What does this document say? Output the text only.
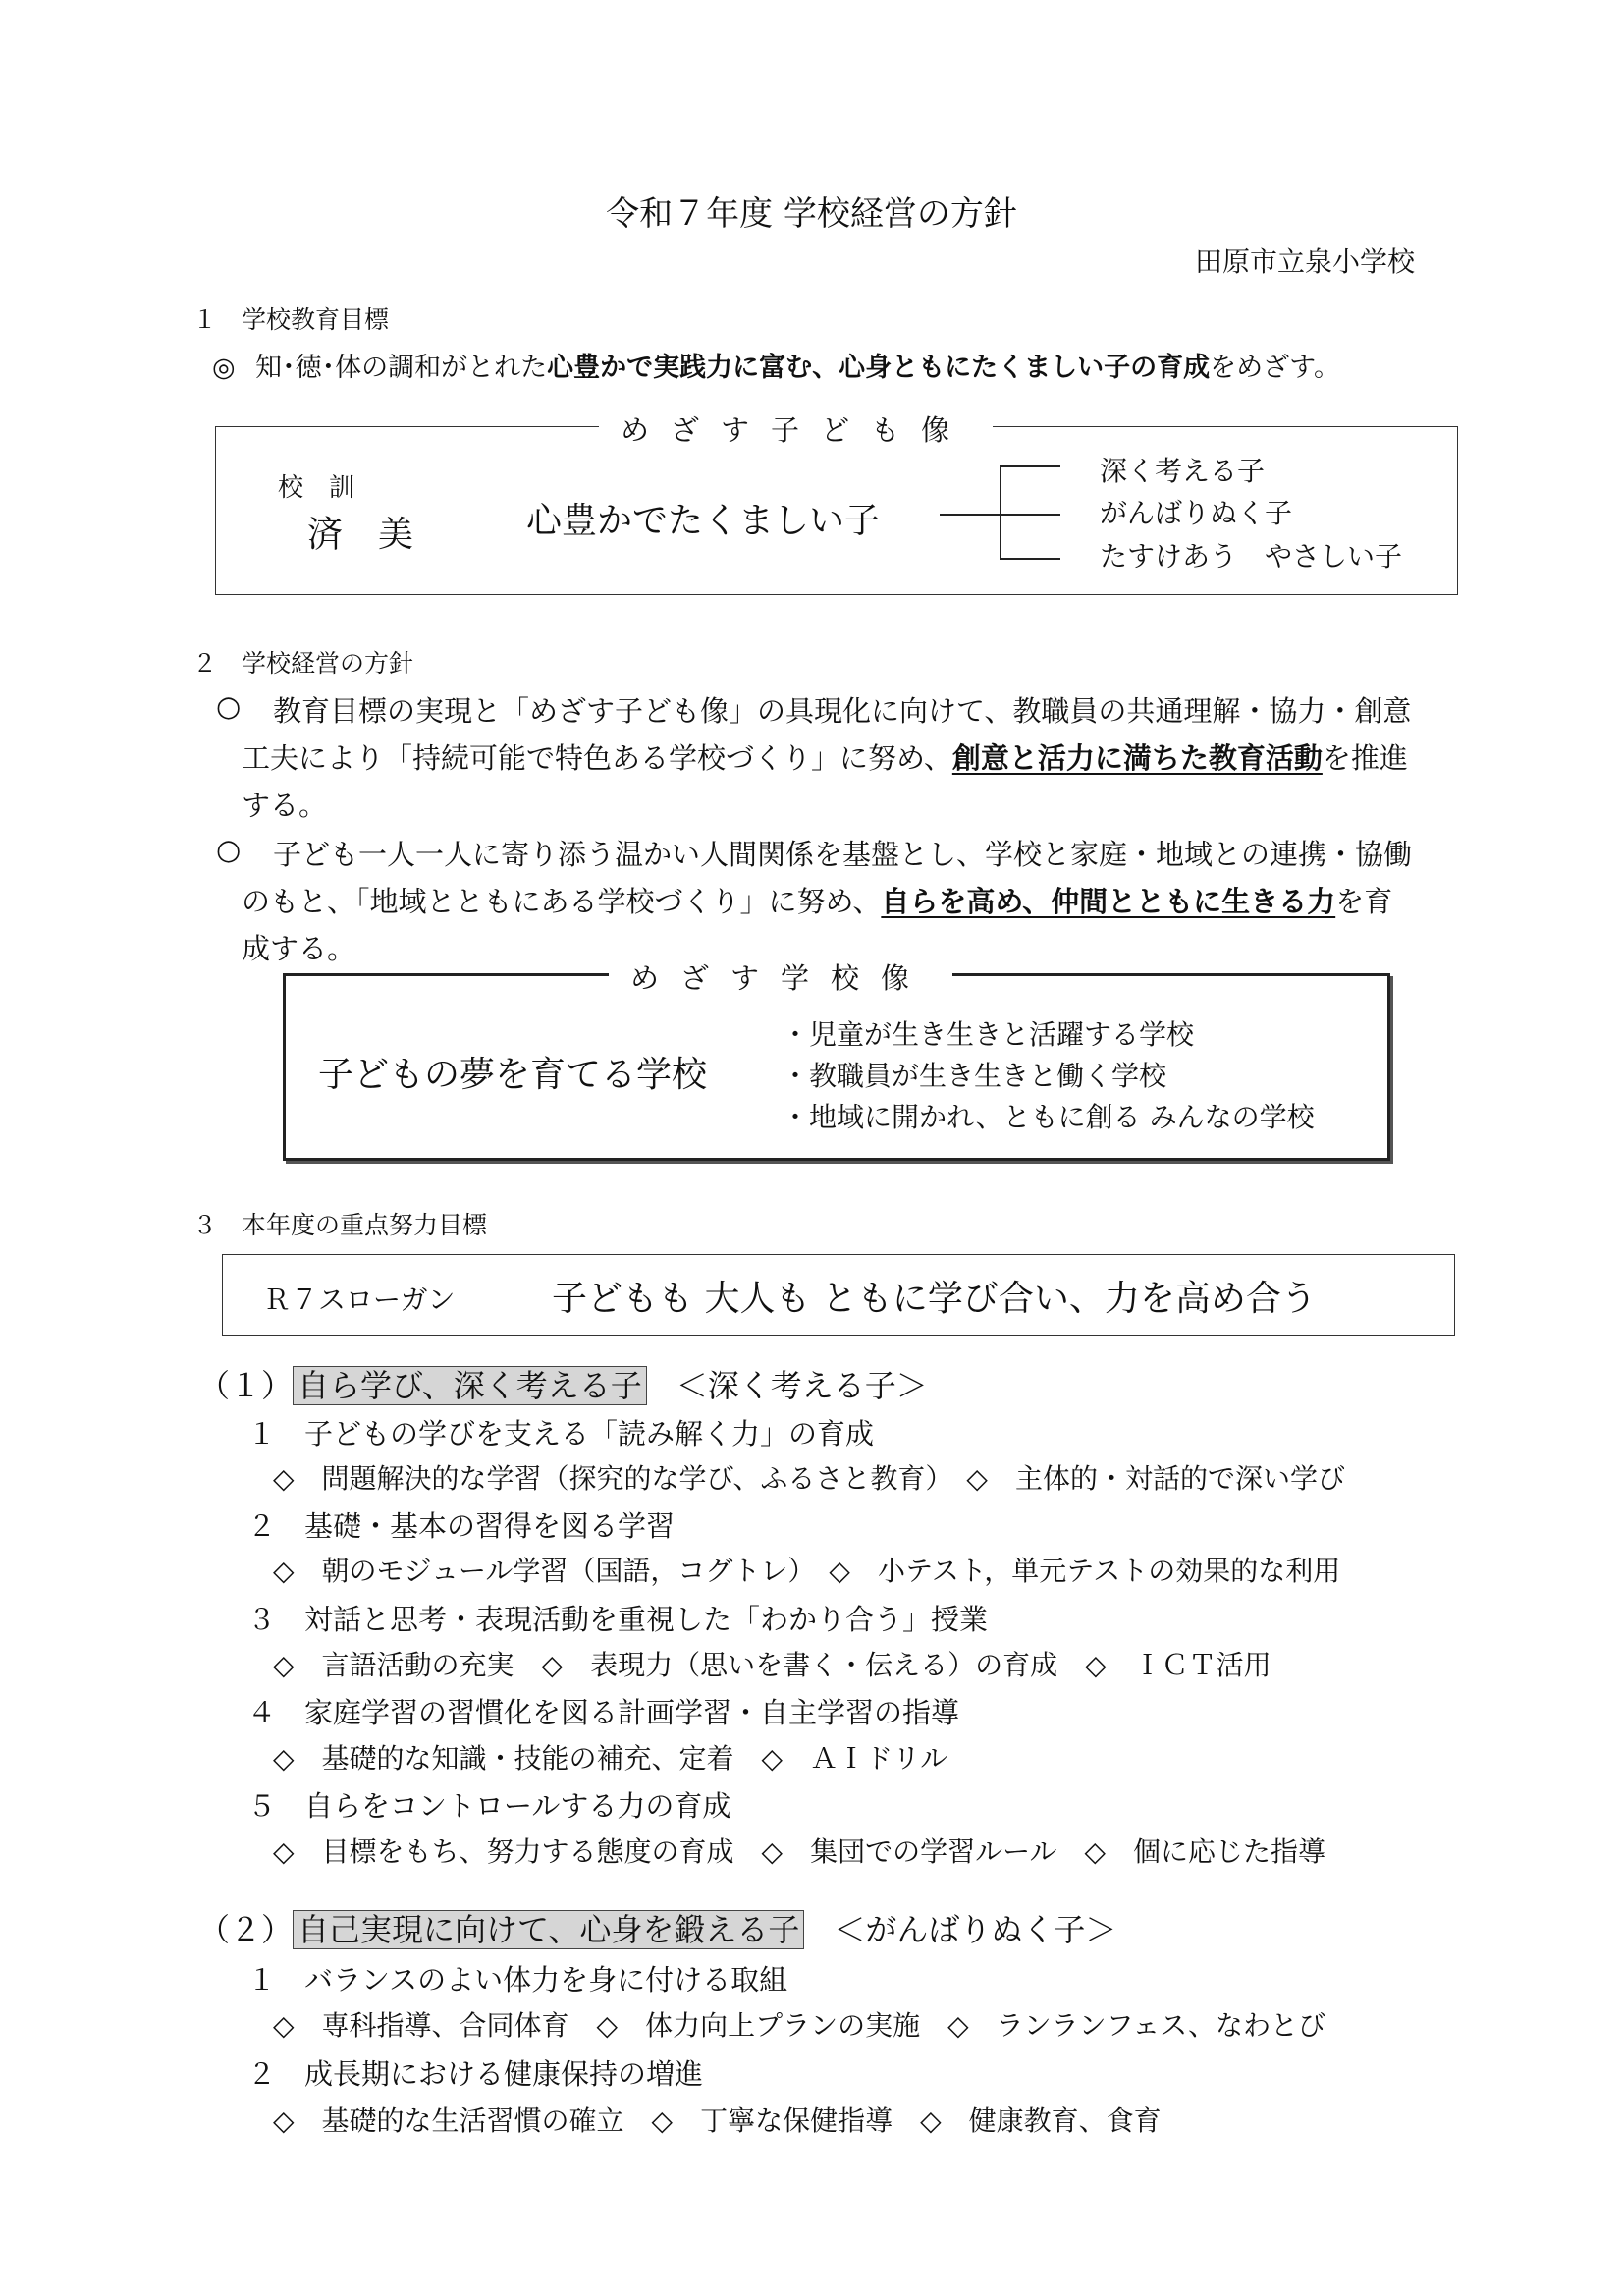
令和７年度 学校経営の方針
田原市立泉小学校
１　学校教育目標
◎ 知･徳･体の調和がとれた心豊かで実践力に富む、心身ともにたくましい子の育成をめざす。
めざす子ども像
校　訓
済　美	心豊かでたくましい子
深く考える子
がんばりぬく子
たすけあう　やさしい子
２　学校経営の方針
○ 教育目標の実現と「めざす子ども像」の具現化に向けて、教職員の共通理解・協力・創意
工夫により「持続可能で特色ある学校づくり」に努め、創意と活力に満ちた教育活動を推進
する。
○ 子ども一人一人に寄り添う温かい人間関係を基盤とし、学校と家庭・地域との連携・協働
のもと、「地域とともにある学校づくり」に努め、自らを高め、仲間とともに生きる力を育
成する。
めざす学校像
子どもの夢を育てる学校
・児童が生き生きと活躍する学校
・教職員が生き生きと働く学校
・地域に開かれ、ともに創る みんなの学校
３　本年度の重点努力目標
Ｒ７スローガン	子どもも 大人も ともに学び合い、力を高め合う
（１） 自ら学び、深く考える子 ＜深く考える子＞
１　子どもの学びを支える「読み解く力」の育成
◇　問題解決的な学習（探究的な学び、ふるさと教育）　◇　主体的・対話的で深い学び
２　基礎・基本の習得を図る学習
◇　朝のモジュール学習（国語，コグトレ）　◇　小テスト，単元テストの効果的な利用
３　対話と思考・表現活動を重視した「わかり合う」授業
◇　言語活動の充実　◇　表現力（思いを書く・伝える）の育成　◇　ＩＣＴ活用
４　家庭学習の習慣化を図る計画学習・自主学習の指導
◇　基礎的な知識・技能の補充、定着　◇　ＡＩドリル
５　自らをコントロールする力の育成
◇　目標をもち、努力する態度の育成　◇　集団での学習ルール　◇　個に応じた指導
（２） 自己実現に向けて、心身を鍛える子 ＜がんばりぬく子＞
１　バランスのよい体力を身に付ける取組
◇　専科指導、合同体育　◇　体力向上プランの実施　◇　ランランフェス、なわとび
２　成長期における健康保持の増進
◇　基礎的な生活習慣の確立　◇　丁寧な保健指導　◇　健康教育、食育
